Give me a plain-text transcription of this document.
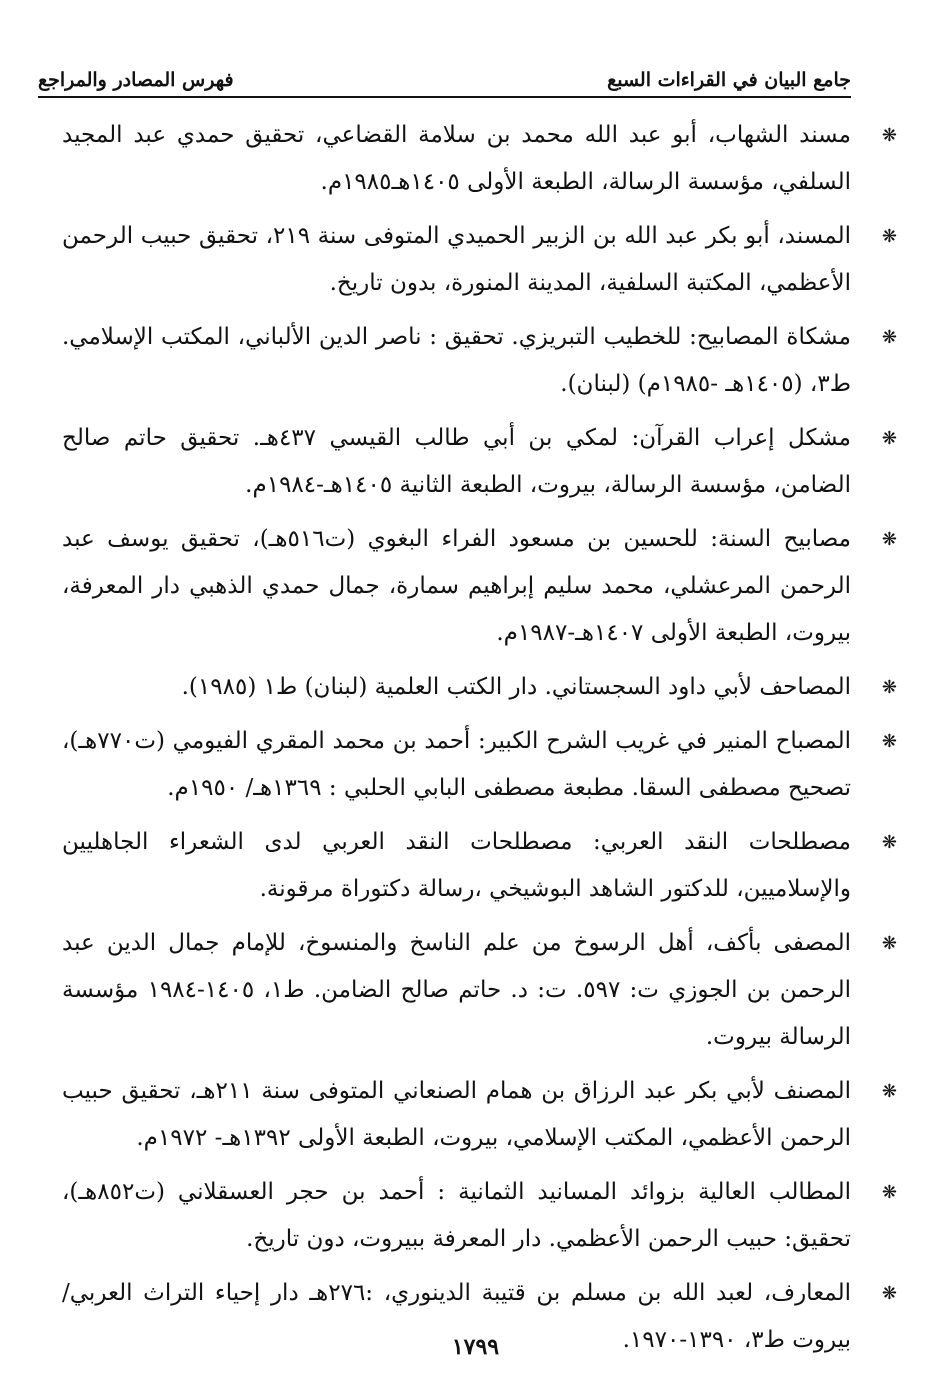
جامع البيان في القراءات السبع
فهرس المصادر والمراجع
❋
مسند الشهاب، أبو عبد الله محمد بن سلامة القضاعي، تحقيق حمدي عبد المجيد السلفي، مؤسسة الرسالة، الطبعة الأولى ١٤٠٥هـ١٩٨٥م.
❋
المسند، أبو بكر عبد الله بن الزبير الحميدي المتوفى سنة ٢١٩، تحقيق حبيب الرحمن الأعظمي، المكتبة السلفية، المدينة المنورة، بدون تاريخ.
❋
مشكاة المصابيح: للخطيب التبريزي. تحقيق : ناصر الدين الألباني، المكتب الإسلامي. ط٣، (١٤٠٥هـ -١٩٨٥م) (لبنان).
❋
مشكل إعراب القرآن: لمكي بن أبي طالب القيسي ٤٣٧هـ. تحقيق حاتم صالح الضامن، مؤسسة الرسالة، بيروت، الطبعة الثانية ١٤٠٥هـ-١٩٨٤م.
❋
مصابيح السنة: للحسين بن مسعود الفراء البغوي (ت٥١٦هـ)، تحقيق يوسف عبد الرحمن المرعشلي، محمد سليم إبراهيم سمارة، جمال حمدي الذهبي دار المعرفة، بيروت، الطبعة الأولى ١٤٠٧هـ-١٩٨٧م.
❋
المصاحف لأبي داود السجستاني. دار الكتب العلمية (لبنان) ط١ (١٩٨٥).
❋
المصباح المنير في غريب الشرح الكبير: أحمد بن محمد المقري الفيومي (ت٧٧٠هـ)، تصحيح مصطفى السقا. مطبعة مصطفى البابي الحلبي : ١٣٦٩هـ/ ١٩٥٠م.
❋
مصطلحات النقد العربي: مصطلحات النقد العربي لدى الشعراء الجاهليين والإسلاميين، للدكتور الشاهد البوشيخي ،رسالة دكتوراة مرقونة.
❋
المصفى بأكف، أهل الرسوخ من علم الناسخ والمنسوخ، للإمام جمال الدين عبد الرحمن بن الجوزي ت: ٥٩٧. ت: د. حاتم صالح الضامن. ط١، ١٤٠٥-١٩٨٤ مؤسسة الرسالة بيروت.
❋
المصنف لأبي بكر عبد الرزاق بن همام الصنعاني المتوفى سنة ٢١١هـ، تحقيق حبيب الرحمن الأعظمي، المكتب الإسلامي، بيروت، الطبعة الأولى ١٣٩٢هـ- ١٩٧٢م.
❋
المطالب العالية بزوائد المسانيد الثمانية : أحمد بن حجر العسقلاني (ت٨٥٢هـ)، تحقيق: حبيب الرحمن الأعظمي. دار المعرفة ببيروت، دون تاريخ.
❋
المعارف، لعبد الله بن مسلم بن قتيبة الدينوري، :٢٧٦هـ دار إحياء التراث العربي/بيروت ط٣، ١٣٩٠-١٩٧٠.
١٧٩٩
